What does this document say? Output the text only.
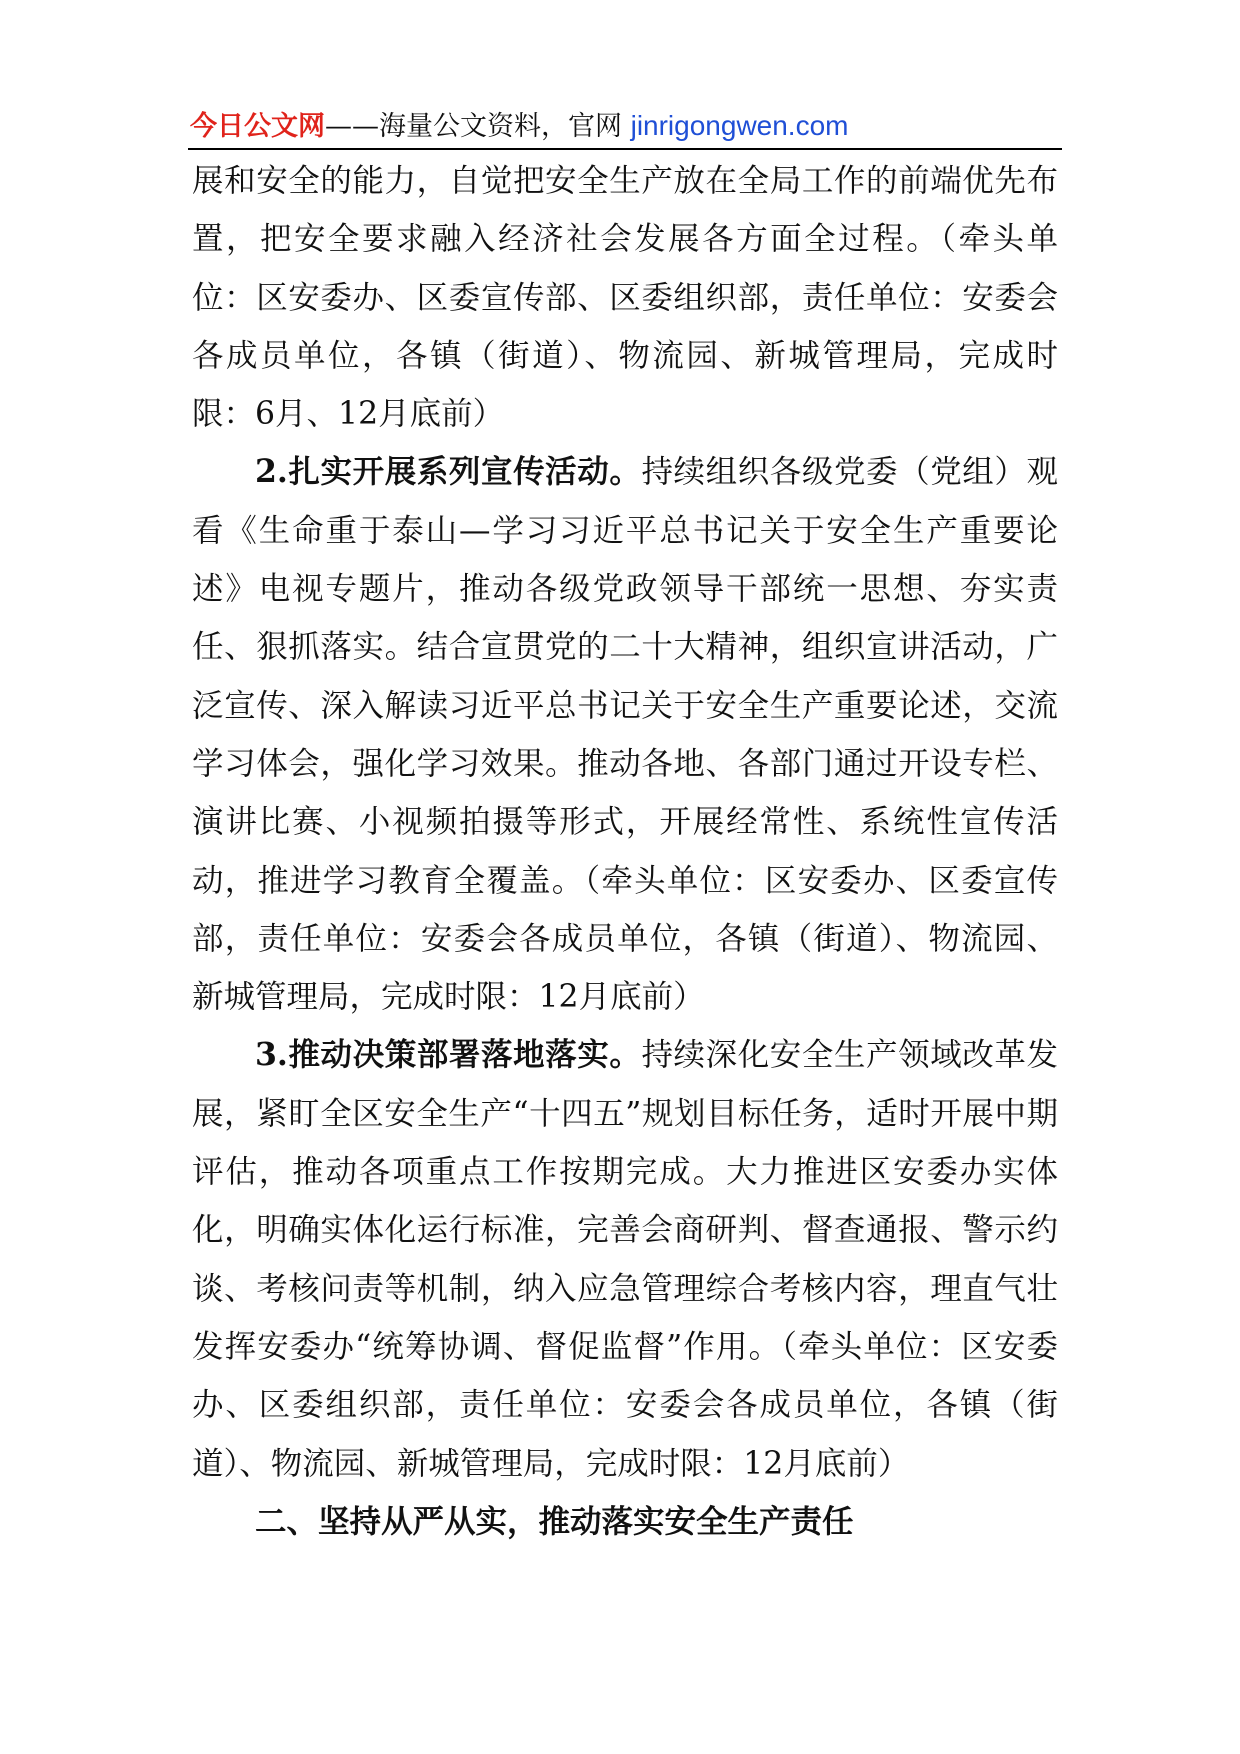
今日公文网——海量公文资料，官网 jinrigongwen.com

展和安全的能力，自觉把安全生产放在全局工作的前端优先布置，把安全要求融入经济社会发展各方面全过程。（牵头单位：区安委办、区委宣传部、区委组织部，责任单位：安委会各成员单位，各镇（街道）、物流园、新城管理局，完成时限：6月、12月底前）

2.扎实开展系列宣传活动。持续组织各级党委（党组）观看《生命重于泰山—学习习近平总书记关于安全生产重要论述》电视专题片，推动各级党政领导干部统一思想、夯实责任、狠抓落实。结合宣贯党的二十大精神，组织宣讲活动，广泛宣传、深入解读习近平总书记关于安全生产重要论述，交流学习体会，强化学习效果。推动各地、各部门通过开设专栏、演讲比赛、小视频拍摄等形式，开展经常性、系统性宣传活动，推进学习教育全覆盖。（牵头单位：区安委办、区委宣传部，责任单位：安委会各成员单位，各镇（街道）、物流园、新城管理局，完成时限：12月底前）

3.推动决策部署落地落实。持续深化安全生产领域改革发展，紧盯全区安全生产“十四五”规划目标任务，适时开展中期评估，推动各项重点工作按期完成。大力推进区安委办实体化，明确实体化运行标准，完善会商研判、督查通报、警示约谈、考核问责等机制，纳入应急管理综合考核内容，理直气壮发挥安委办“统筹协调、督促监督”作用。（牵头单位：区安委办、区委组织部，责任单位：安委会各成员单位，各镇（街道）、物流园、新城管理局，完成时限：12月底前）

二、坚持从严从实，推动落实安全生产责任
